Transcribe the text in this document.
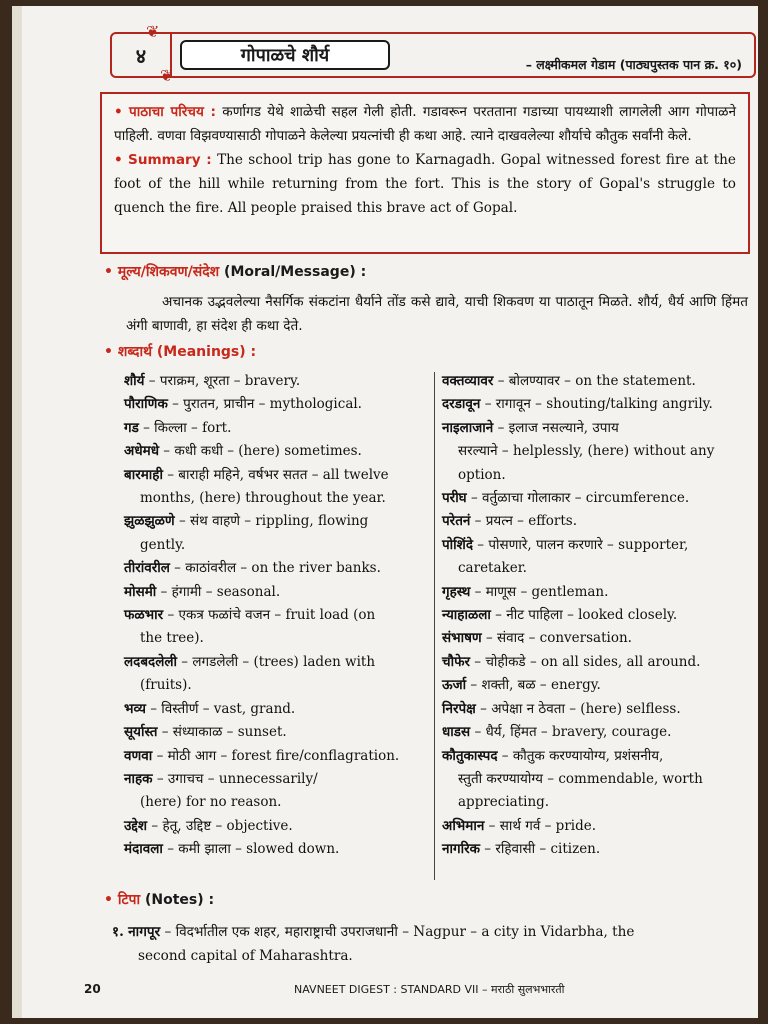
४	गोपाळचे शौर्य	– लक्ष्मीकमल गेडाम (पाठ्यपुस्तक पान क्र. १०)
❦
❦
• पाठाचा परिचय : कर्णागड येथे शाळेची सहल गेली होती. गडावरून परतताना गडाच्या पायथ्याशी लागलेली आग गोपाळने पाहिली. वणवा विझवण्यासाठी गोपाळने केलेल्या प्रयत्नांची ही कथा आहे. त्याने दाखवलेल्या शौर्याचे कौतुक सर्वांनी केले.
• Summary : The school trip has gone to Karnagadh. Gopal witnessed forest fire at the foot of the hill while returning from the fort. This is the story of Gopal's struggle to quench the fire. All people praised this brave act of Gopal.
• मूल्य/शिकवण/संदेश (Moral/Message) :
अचानक उद्भवलेल्या नैसर्गिक संकटांना धैर्याने तोंड कसे द्यावे, याची शिकवण या पाठातून मिळते. शौर्य, धैर्य आणि हिंमत अंगी बाणावी, हा संदेश ही कथा देते.
• शब्दार्थ (Meanings) :
शौर्य – पराक्रम, शूरता – bravery.
पौराणिक – पुरातन, प्राचीन – mythological.
गड – किल्ला – fort.
अधेमधे – कधी कधी – (here) sometimes.
बारमाही – बाराही महिने, वर्षभर सतत – all twelve
months, (here) throughout the year.
झुळझुळणे – संथ वाहणे – rippling, flowing
gently.
तीरांवरील – काठांवरील – on the river banks.
मोसमी – हंगामी – seasonal.
फळभार – एकत्र फळांचे वजन – fruit load (on
the tree).
लदबदलेली – लगडलेली – (trees) laden with
(fruits).
भव्य – विस्तीर्ण – vast, grand.
सूर्यास्त – संध्याकाळ – sunset.
वणवा – मोठी आग – forest fire/conflagration.
नाहक – उगाचच – unnecessarily/
(here) for no reason.
उद्देश – हेतू, उद्दिष्ट – objective.
मंदावला – कमी झाला – slowed down.
वक्तव्यावर – बोलण्यावर – on the statement.
दरडावून – रागावून – shouting/talking angrily.
नाइलाजाने – इलाज नसल्याने, उपाय
सरल्याने – helplessly, (here) without any option.
परीघ – वर्तुळाचा गोलाकार – circumference.
परेतनं – प्रयत्न – efforts.
पोशिंदे – पोसणारे, पालन करणारे – supporter,
caretaker.
गृहस्थ – माणूस – gentleman.
न्याहाळला – नीट पाहिला – looked closely.
संभाषण – संवाद – conversation.
चौफेर – चोहीकडे – on all sides, all around.
ऊर्जा – शक्ती, बळ – energy.
निरपेक्ष – अपेक्षा न ठेवता – (here) selfless.
धाडस – धैर्य, हिंमत – bravery, courage.
कौतुकास्पद – कौतुक करण्यायोग्य, प्रशंसनीय,
स्तुती करण्यायोग्य – commendable, worth appreciating.
अभिमान – सार्थ गर्व – pride.
नागरिक – रहिवासी – citizen.
• टिपा (Notes) :
१. नागपूर – विदर्भातील एक शहर, महाराष्ट्राची उपराजधानी – Nagpur – a city in Vidarbha, the
second capital of Maharashtra.
20	NAVNEET DIGEST : STANDARD VII – मराठी सुलभभारती
